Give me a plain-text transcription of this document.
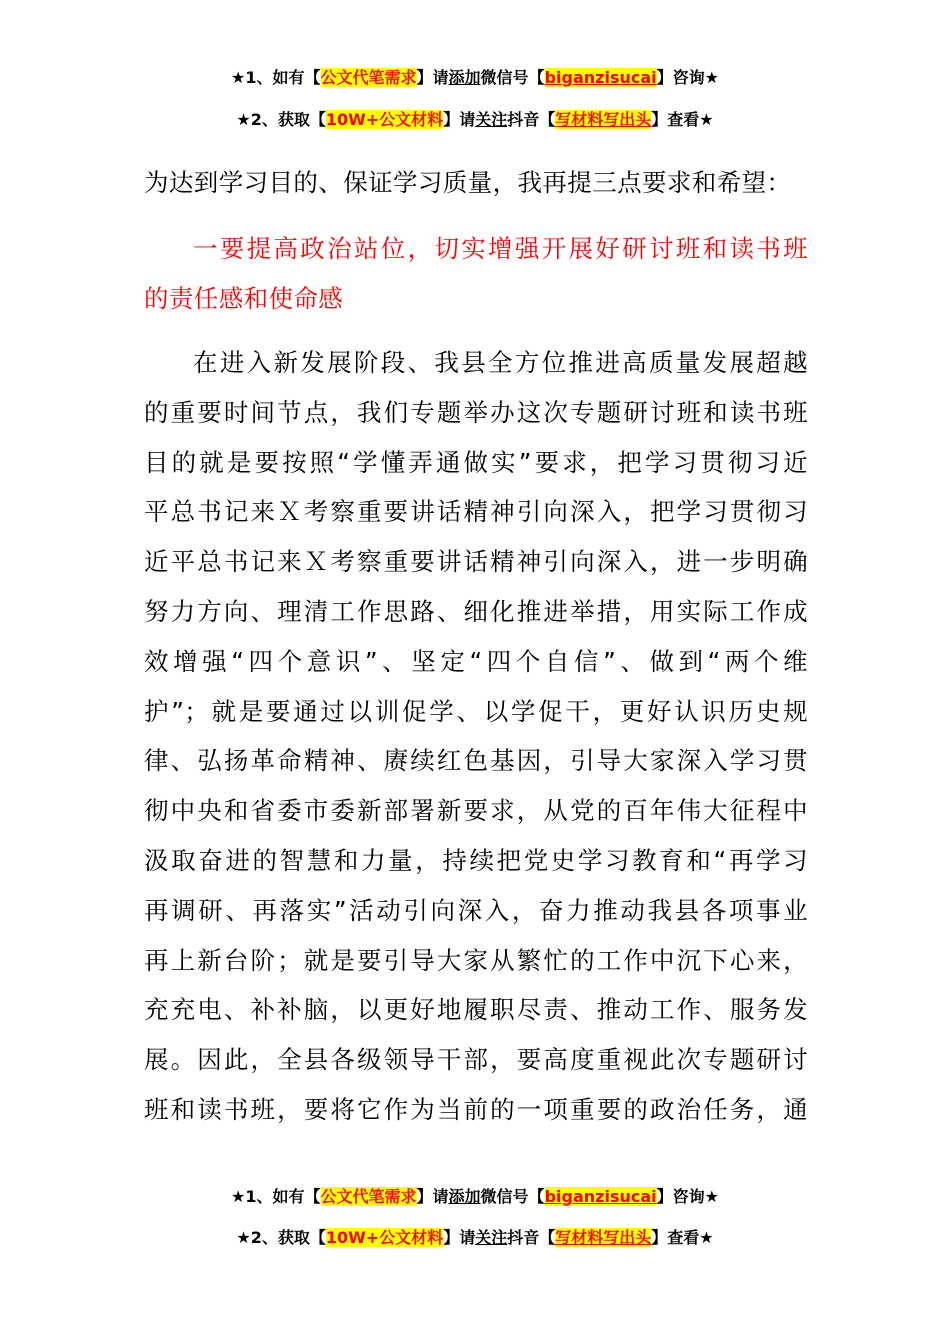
★1、如有【公文代笔需求】请添加微信号【biganzisucai】咨询★
★2、获取【10W+公文材料】请关注抖音【写材料写出头】查看★
为达到学习目的、保证学习质量，我再提三点要求和希望：
一要提高政治站位，切实增强开展好研讨班和读书班
的责任感和使命感
在进入新发展阶段、我县全方位推进高质量发展超越
的重要时间节点，我们专题举办这次专题研讨班和读书班
目的就是要按照“学懂弄通做实”要求，把学习贯彻习近
平总书记来Ｘ考察重要讲话精神引向深入，把学习贯彻习
近平总书记来Ｘ考察重要讲话精神引向深入，进一步明确
努力方向、理清工作思路、细化推进举措，用实际工作成
效增强“四个意识”、坚定“四个自信”、做到“两个维
护”；就是要通过以训促学、以学促干，更好认识历史规
律、弘扬革命精神、赓续红色基因，引导大家深入学习贯
彻中央和省委市委新部署新要求，从党的百年伟大征程中
汲取奋进的智慧和力量，持续把党史学习教育和“再学习
再调研、再落实”活动引向深入，奋力推动我县各项事业
再上新台阶；就是要引导大家从繁忙的工作中沉下心来，
充充电、补补脑，以更好地履职尽责、推动工作、服务发
展。因此，全县各级领导干部，要高度重视此次专题研讨
班和读书班，要将它作为当前的一项重要的政治任务，通
★1、如有【公文代笔需求】请添加微信号【biganzisucai】咨询★
★2、获取【10W+公文材料】请关注抖音【写材料写出头】查看★
